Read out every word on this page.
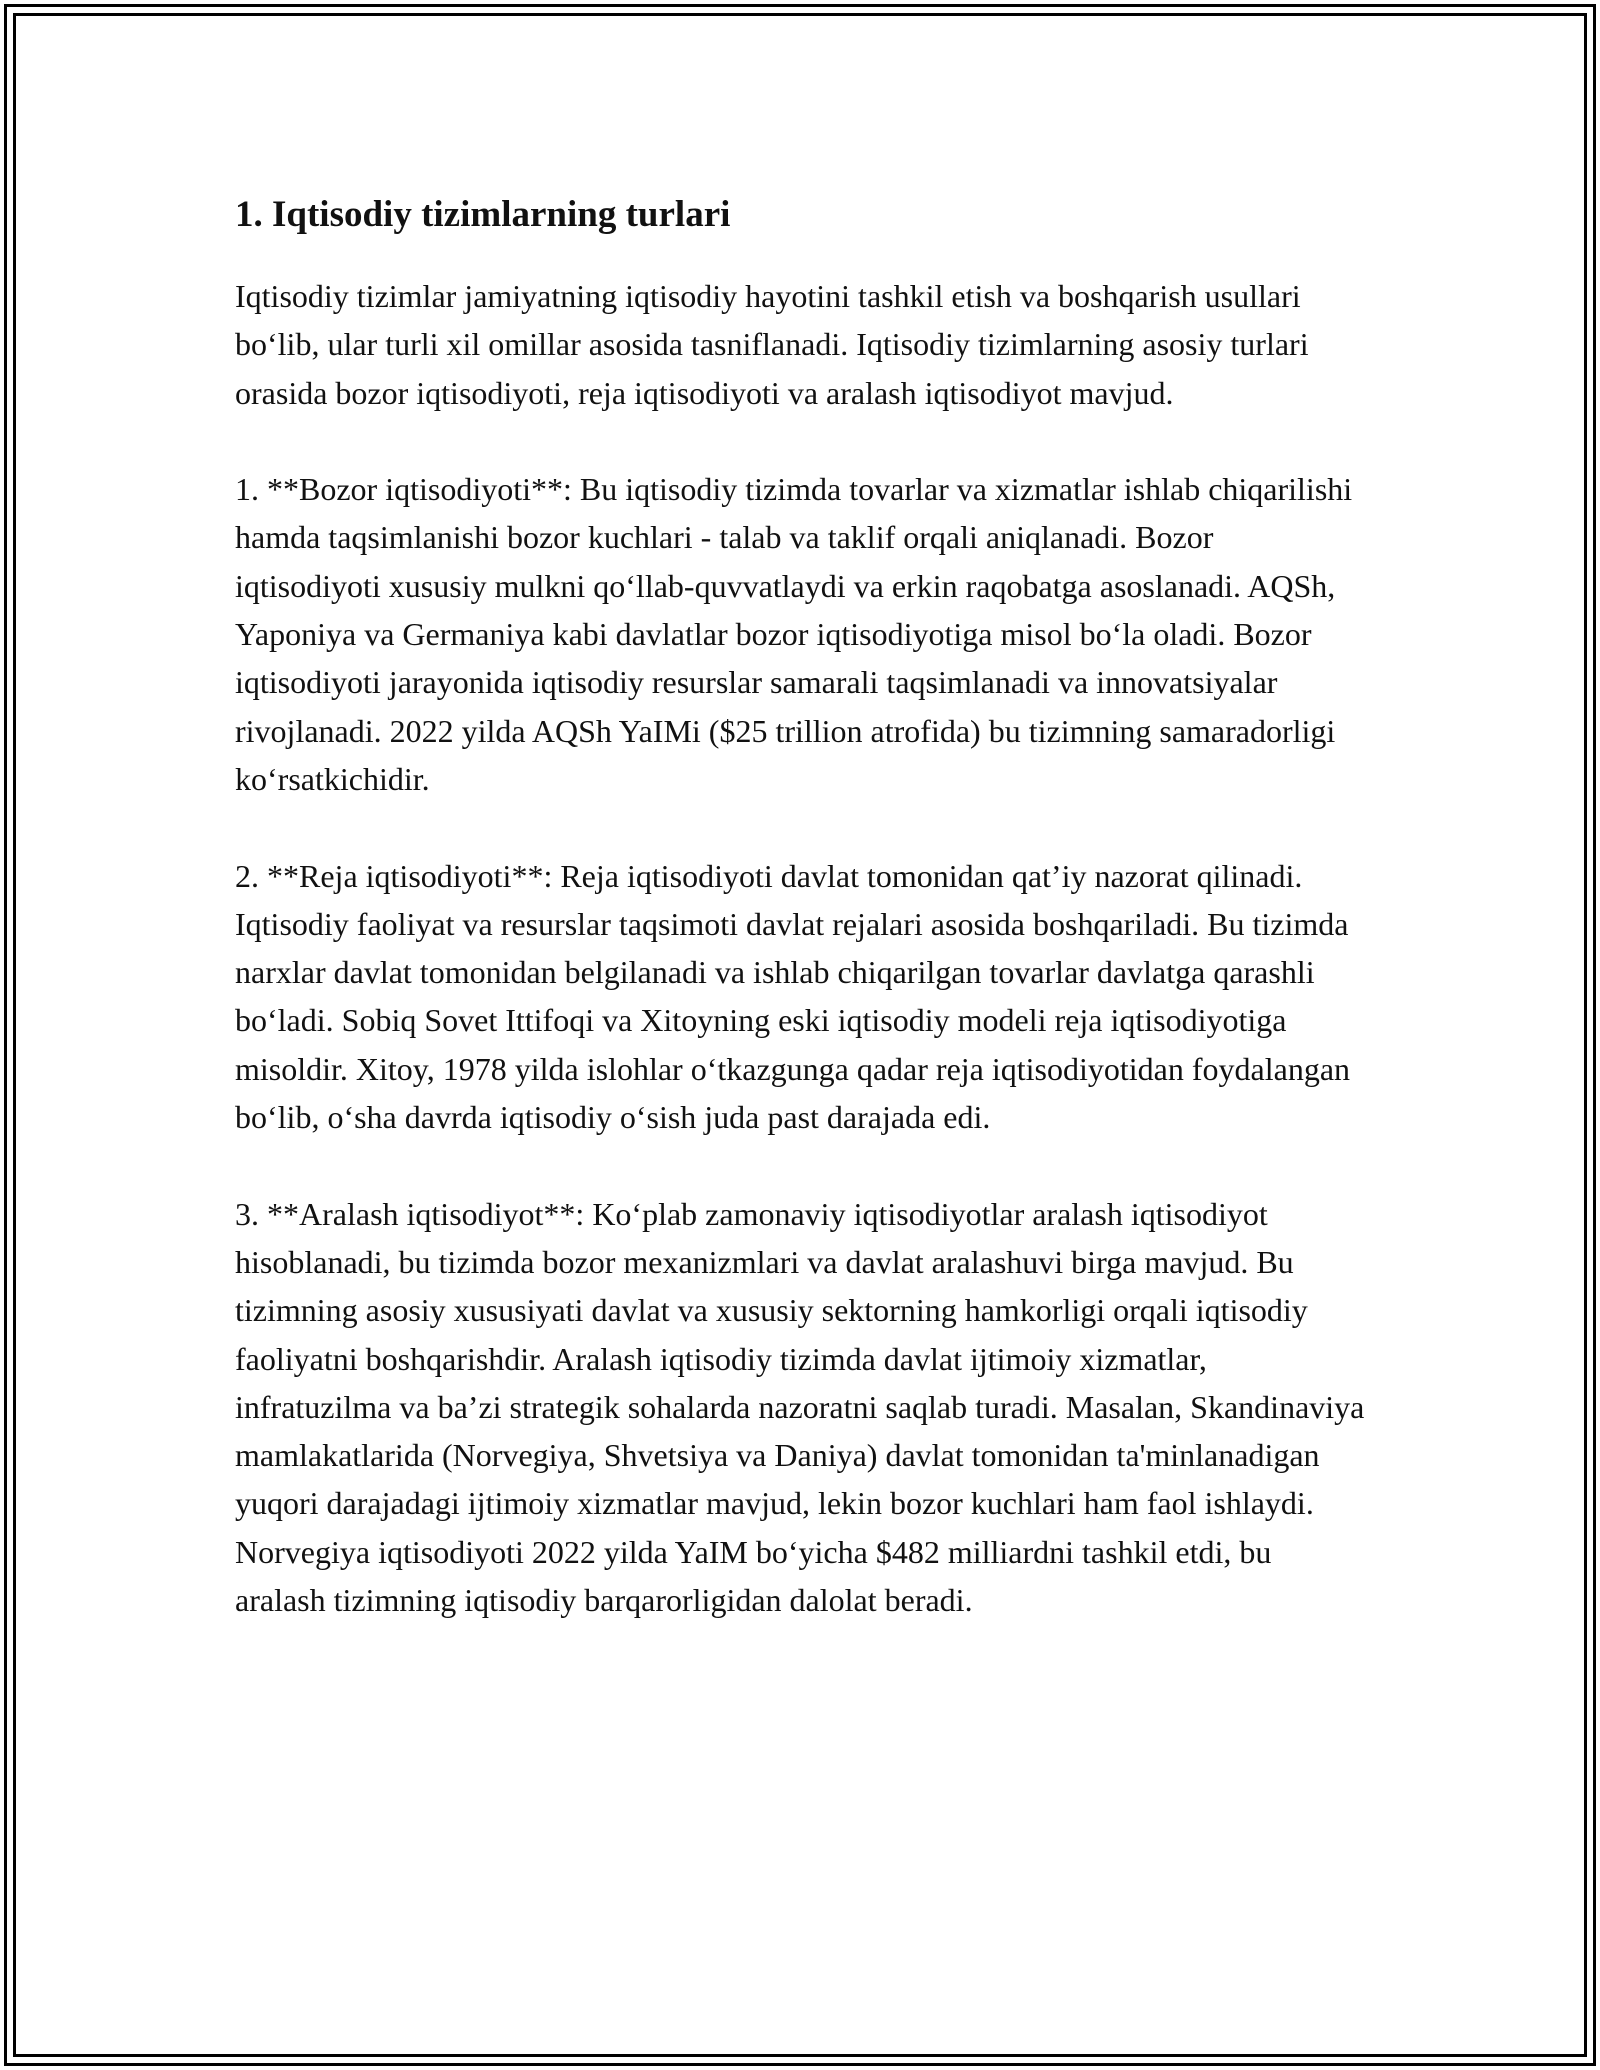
1. Iqtisodiy tizimlarning turlari

Iqtisodiy tizimlar jamiyatning iqtisodiy hayotini tashkil etish va boshqarish usullari bo‘lib, ular turli xil omillar asosida tasniflanadi. Iqtisodiy tizimlarning asosiy turlari orasida bozor iqtisodiyoti, reja iqtisodiyoti va aralash iqtisodiyot mavjud.

1. **Bozor iqtisodiyoti**: Bu iqtisodiy tizimda tovarlar va xizmatlar ishlab chiqarilishi hamda taqsimlanishi bozor kuchlari - talab va taklif orqali aniqlanadi. Bozor iqtisodiyoti xususiy mulkni qo‘llab-quvvatlaydi va erkin raqobatga asoslanadi. AQSh, Yaponiya va Germaniya kabi davlatlar bozor iqtisodiyotiga misol bo‘la oladi. Bozor iqtisodiyoti jarayonida iqtisodiy resurslar samarali taqsimlanadi va innovatsiyalar rivojlanadi. 2022 yilda AQSh YaIMi ($25 trillion atrofida) bu tizimning samaradorligi ko‘rsatkichidir.

2. **Reja iqtisodiyoti**: Reja iqtisodiyoti davlat tomonidan qat’iy nazorat qilinadi. Iqtisodiy faoliyat va resurslar taqsimoti davlat rejalari asosida boshqariladi. Bu tizimda narxlar davlat tomonidan belgilanadi va ishlab chiqarilgan tovarlar davlatga qarashli bo‘ladi. Sobiq Sovet Ittifoqi va Xitoyning eski iqtisodiy modeli reja iqtisodiyotiga misoldir. Xitoy, 1978 yilda islohlar o‘tkazgunga qadar reja iqtisodiyotidan foydalangan bo‘lib, o‘sha davrda iqtisodiy o‘sish juda past darajada edi.

3. **Aralash iqtisodiyot**: Ko‘plab zamonaviy iqtisodiyotlar aralash iqtisodiyot hisoblanadi, bu tizimda bozor mexanizmlari va davlat aralashuvi birga mavjud. Bu tizimning asosiy xususiyati davlat va xususiy sektorning hamkorligi orqali iqtisodiy faoliyatni boshqarishdir. Aralash iqtisodiy tizimda davlat ijtimoiy xizmatlar, infratuzilma va ba’zi strategik sohalarda nazoratni saqlab turadi. Masalan, Skandinaviya mamlakatlarida (Norvegiya, Shvetsiya va Daniya) davlat tomonidan ta'minlanadigan yuqori darajadagi ijtimoiy xizmatlar mavjud, lekin bozor kuchlari ham faol ishlaydi. Norvegiya iqtisodiyoti 2022 yilda YaIM bo‘yicha $482 milliardni tashkil etdi, bu aralash tizimning iqtisodiy barqarorligidan dalolat beradi.
